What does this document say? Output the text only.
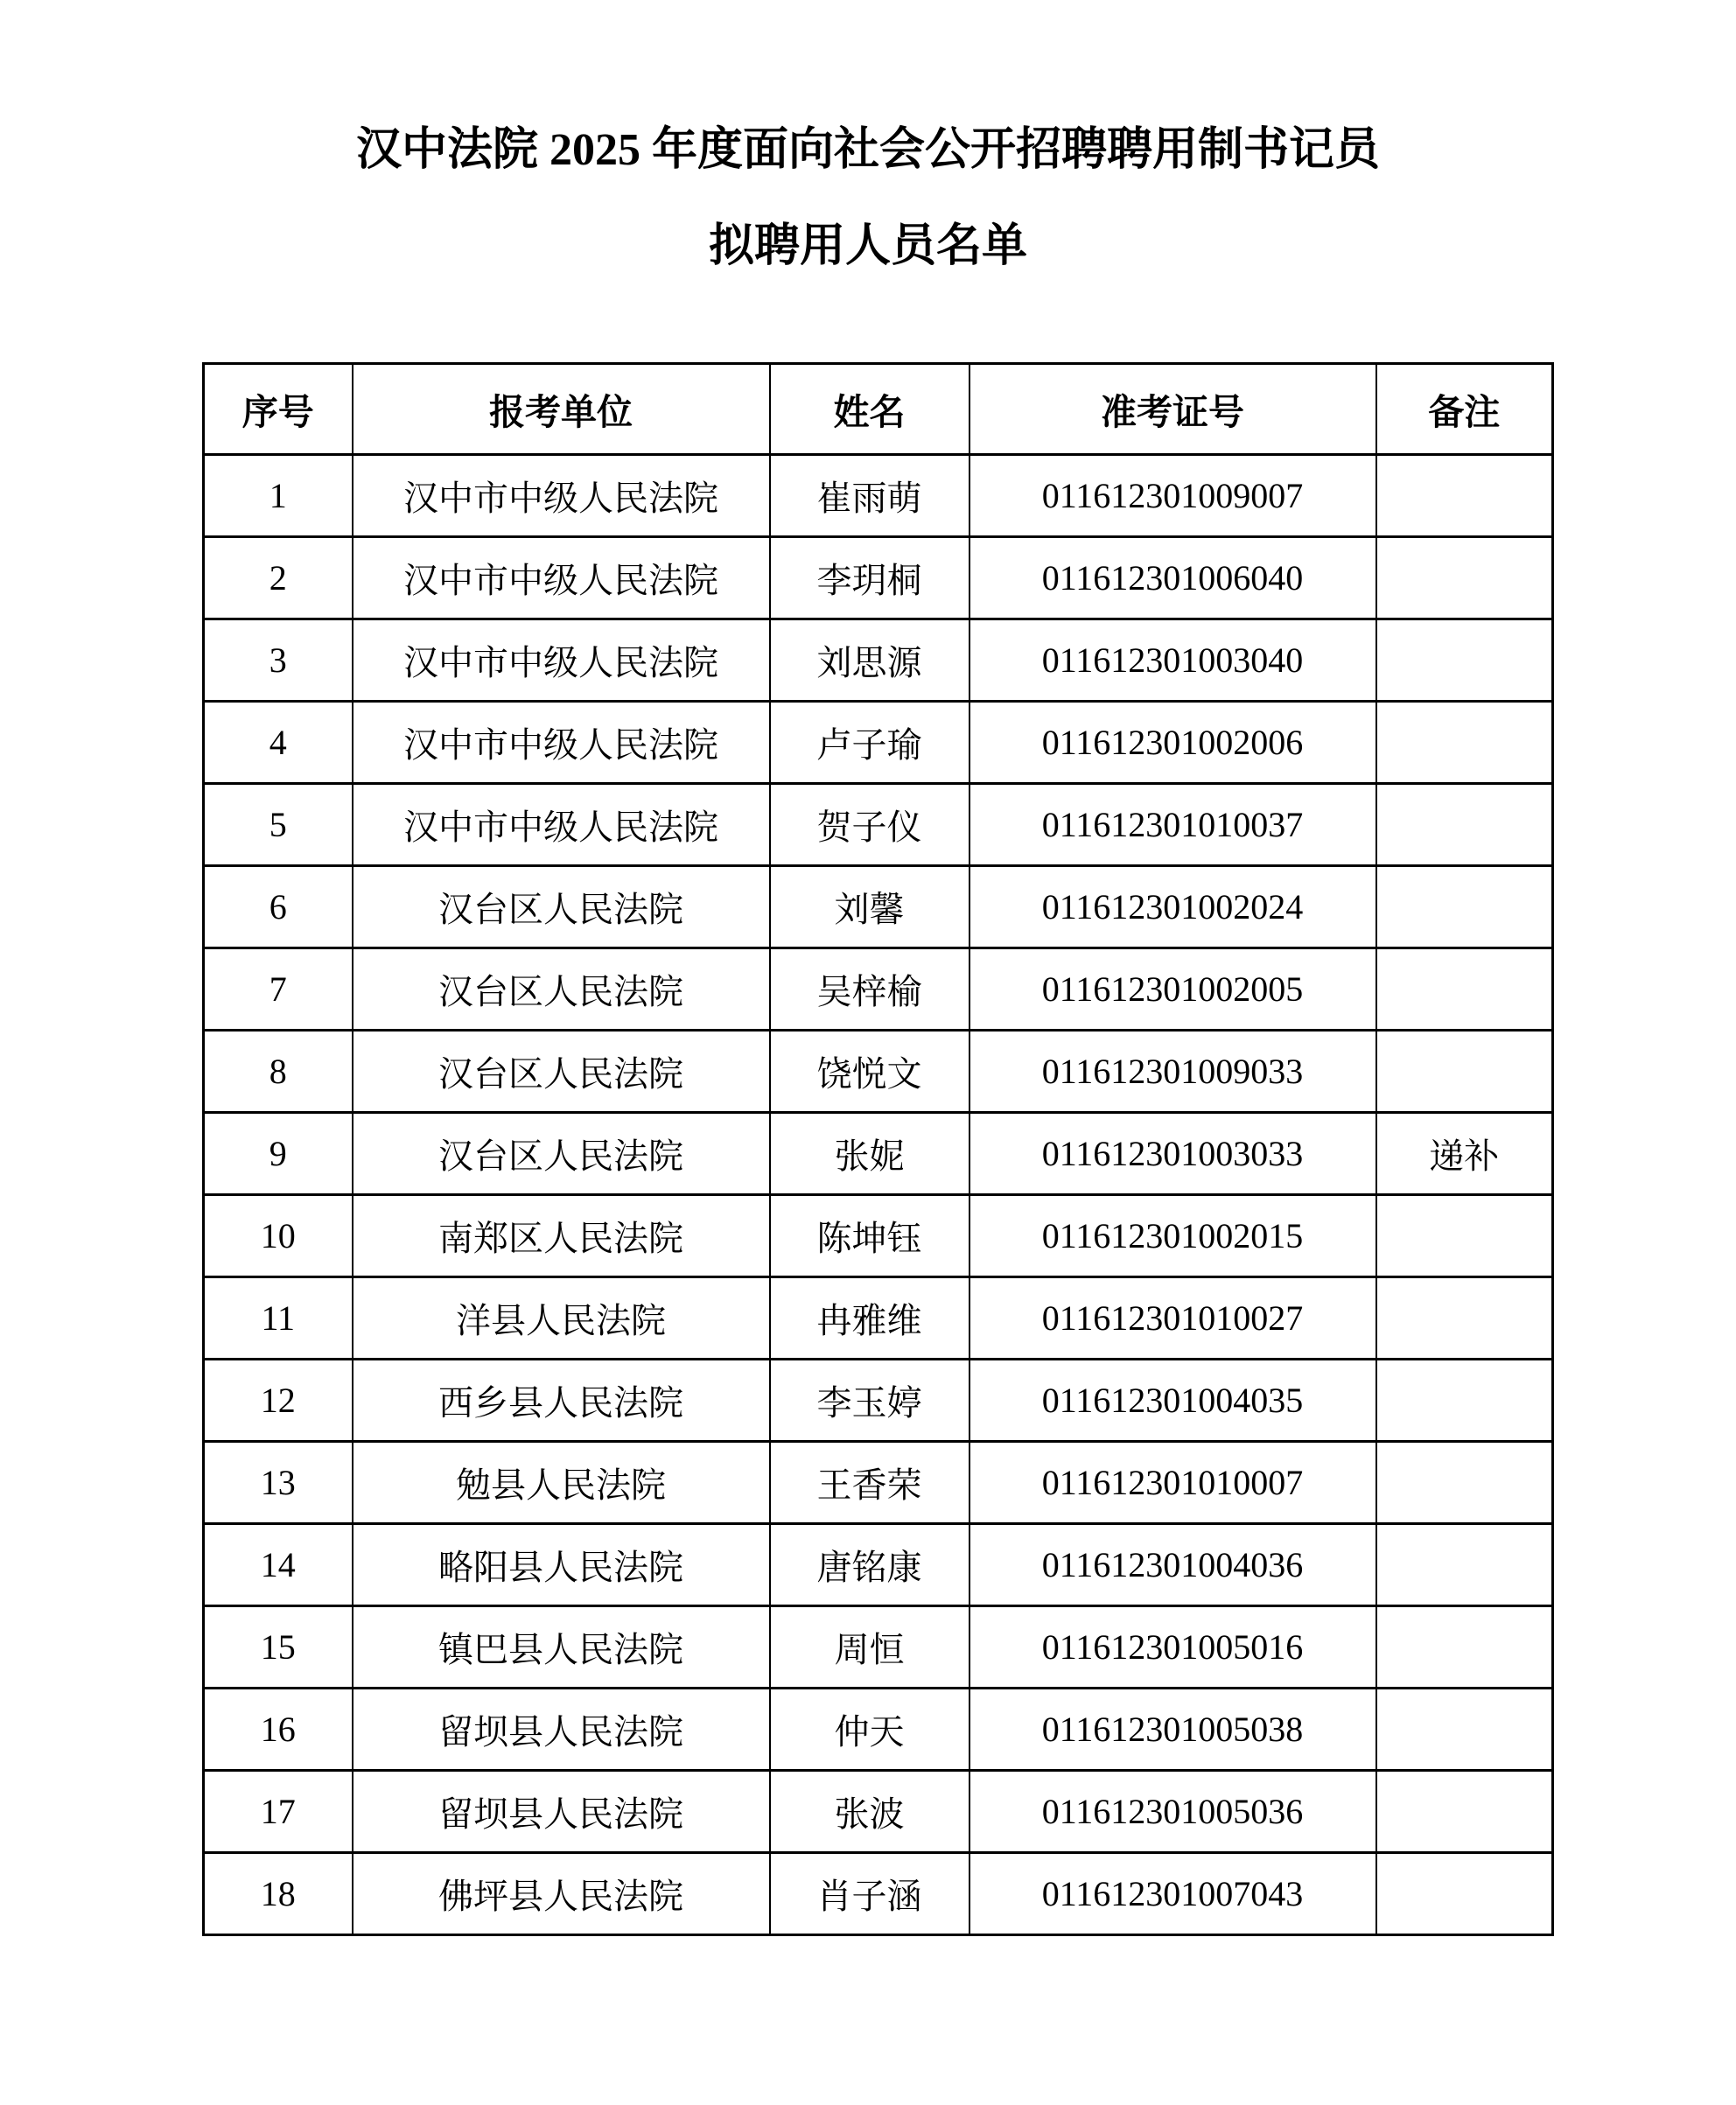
汉中法院 2025 年度面向社会公开招聘聘用制书记员
拟聘用人员名单
序号	报考单位	姓名	准考证号	备注
1	汉中市中级人民法院	崔雨萌	011612301009007	
2	汉中市中级人民法院	李玥桐	011612301006040	
3	汉中市中级人民法院	刘思源	011612301003040	
4	汉中市中级人民法院	卢子瑜	011612301002006	
5	汉中市中级人民法院	贺子仪	011612301010037	
6	汉台区人民法院	刘馨	011612301002024	
7	汉台区人民法院	吴梓榆	011612301002005	
8	汉台区人民法院	饶悦文	011612301009033	
9	汉台区人民法院	张妮	011612301003033	递补
10	南郑区人民法院	陈坤钰	011612301002015	
11	洋县人民法院	冉雅维	011612301010027	
12	西乡县人民法院	李玉婷	011612301004035	
13	勉县人民法院	王香荣	011612301010007	
14	略阳县人民法院	唐铭康	011612301004036	
15	镇巴县人民法院	周恒	011612301005016	
16	留坝县人民法院	仲天	011612301005038	
17	留坝县人民法院	张波	011612301005036	
18	佛坪县人民法院	肖子涵	011612301007043	
